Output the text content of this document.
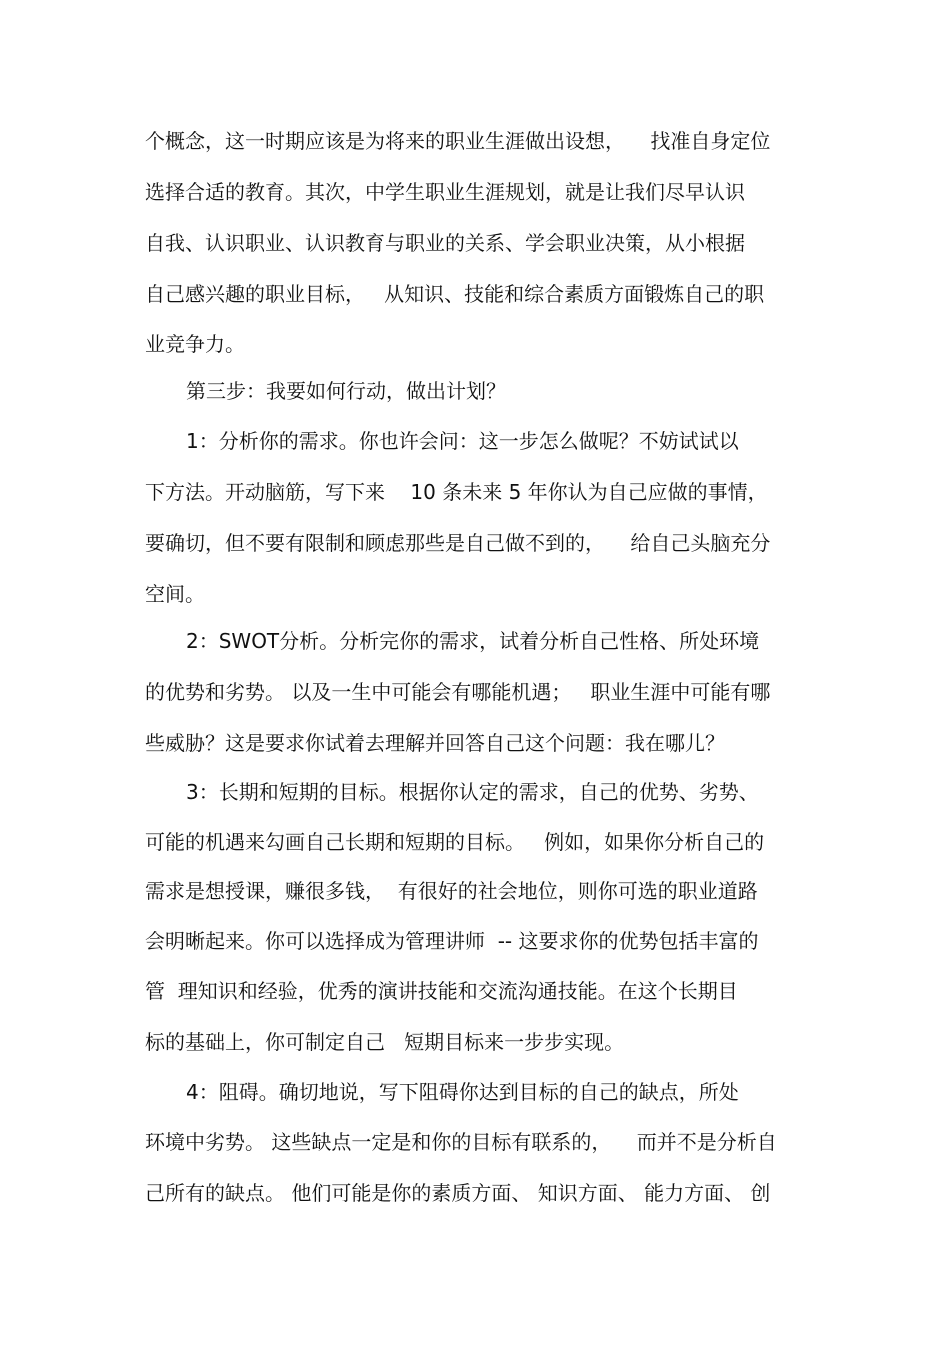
个概念，这一时期应该是为将来的职业生涯做出设想，    找准自身定位
选择合适的教育。其次，中学生职业生涯规划，就是让我们尽早认识
自我、认识职业、认识教育与职业的关系、学会职业决策，从小根据
自己感兴趣的职业目标，   从知识、技能和综合素质方面锻炼自己的职
业竞争力。
第三步：我要如何行动，做出计划？
1：分析你的需求。你也许会问：这一步怎么做呢？不妨试试以
下方法。开动脑筋，写下来    10 条未来 5 年你认为自己应做的事情，
要确切，但不要有限制和顾虑那些是自己做不到的，    给自己头脑充分
空间。
2：SWOT分析。分析完你的需求，试着分析自己性格、所处环境
的优势和劣势。 以及一生中可能会有哪能机遇；   职业生涯中可能有哪
些威胁？这是要求你试着去理解并回答自己这个问题：我在哪儿？
3：长期和短期的目标。根据你认定的需求，自己的优势、劣势、
可能的机遇来勾画自己长期和短期的目标。   例如，如果你分析自己的
需求是想授课，赚很多钱，  有很好的社会地位，则你可选的职业道路
会明晰起来。你可以选择成为管理讲师  -- 这要求你的优势包括丰富的
管  理知识和经验，优秀的演讲技能和交流沟通技能。在这个长期目
标的基础上，你可制定自己   短期目标来一步步实现。
4：阻碍。确切地说，写下阻碍你达到目标的自己的缺点，所处
环境中劣势。 这些缺点一定是和你的目标有联系的，    而并不是分析自
己所有的缺点。 他们可能是你的素质方面、 知识方面、 能力方面、 创
